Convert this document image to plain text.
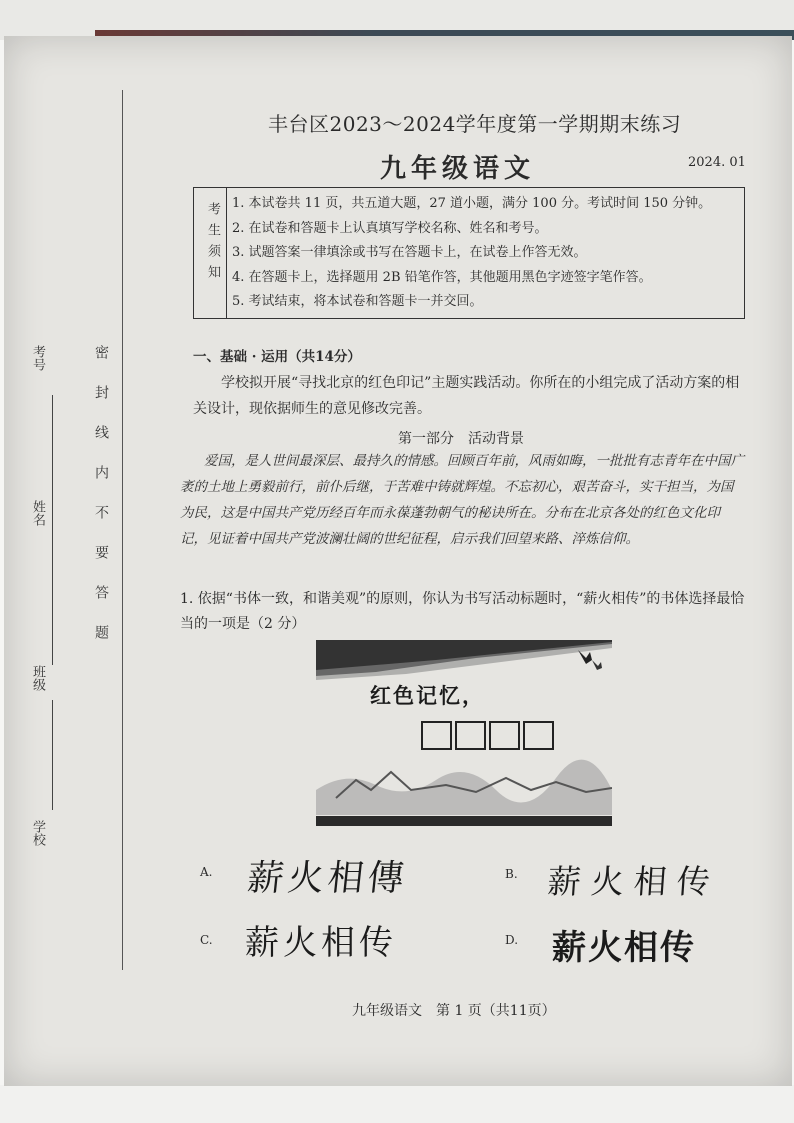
密封线内不要答题
考号
姓名
班级
学校
丰台区2023～2024学年度第一学期期末练习
九年级语文	2024. 01
考生须知 1. 本试卷共 11 页，共五道大题，27 道小题，满分 100 分。考试时间 150 分钟。
2. 在试卷和答题卡上认真填写学校名称、姓名和考号。
3. 试题答案一律填涂或书写在答题卡上，在试卷上作答无效。
4. 在答题卡上，选择题用 2B 铅笔作答，其他题用黑色字迹签字笔作答。
5. 考试结束，将本试卷和答题卡一并交回。
一、基础 · 运用（共14分）
学校拟开展“寻找北京的红色印记”主题实践活动。你所在的小组完成了活动方案的相关设计，现依据师生的意见修改完善。
第一部分　活动背景
爱国，是人世间最深层、最持久的情感。回顾百年前，风雨如晦，一批批有志青年在中国广袤的土地上勇毅前行，前仆后继，于苦难中铸就辉煌。不忘初心，艰苦奋斗，实干担当，为国为民，这是中国共产党历经百年而永葆蓬勃朝气的秘诀所在。分布在北京各处的红色文化印记，见证着中国共产党波澜壮阔的世纪征程，启示我们回望来路、淬炼信仰。
1. 依据“书体一致，和谐美观”的原则，你认为书写活动标题时，“薪火相传”的书体选择最恰当的一项是（2 分）
红色记忆，
A. 薪火相傳	B. 薪火相传
C. 薪火相传	D. 薪火相传
九年级语文　第 1 页（共11页）
